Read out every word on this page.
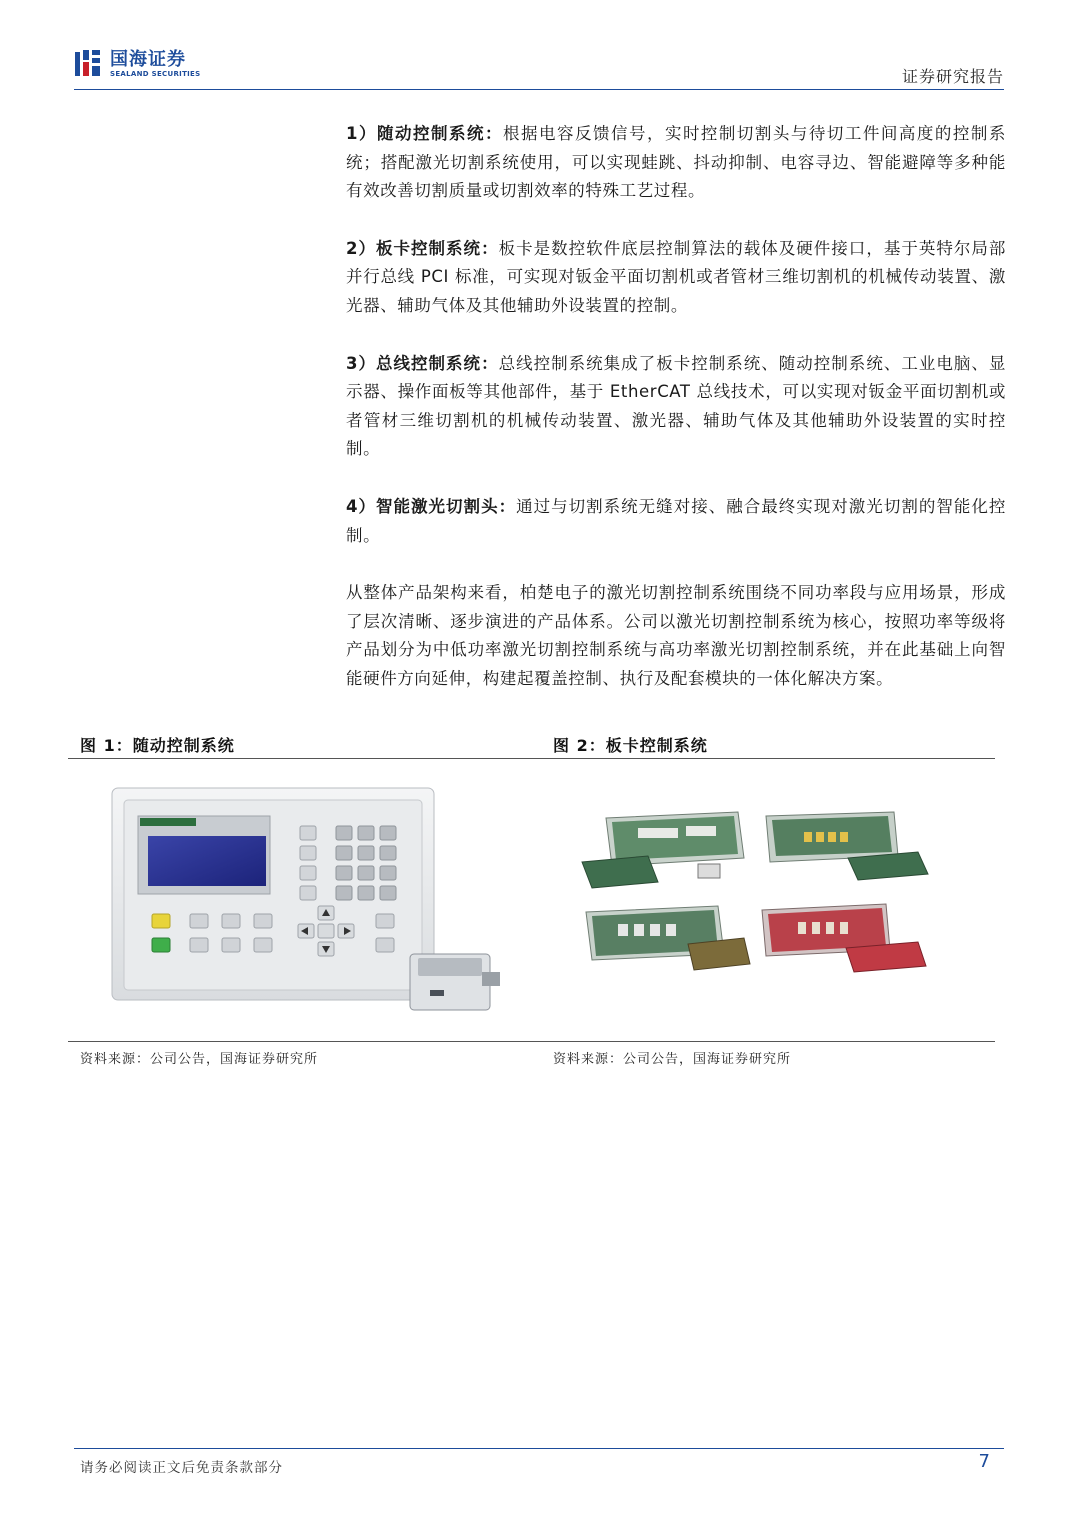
国海证券
SEALAND SECURITIES	证券研究报告

1）随动控制系统：根据电容反馈信号，实时控制切割头与待切工件间高度的控制系统；搭配激光切割系统使用，可以实现蛙跳、抖动抑制、电容寻边、智能避障等多种能有效改善切割质量或切割效率的特殊工艺过程。

2）板卡控制系统：板卡是数控软件底层控制算法的载体及硬件接口，基于英特尔局部并行总线 PCI 标准，可实现对钣金平面切割机或者管材三维切割机的机械传动装置、激光器、辅助气体及其他辅助外设装置的控制。

3）总线控制系统：总线控制系统集成了板卡控制系统、随动控制系统、工业电脑、显示器、操作面板等其他部件，基于 EtherCAT 总线技术，可以实现对钣金平面切割机或者管材三维切割机的机械传动装置、激光器、辅助气体及其他辅助外设装置的实时控制。

4）智能激光切割头：通过与切割系统无缝对接、融合最终实现对激光切割的智能化控制。

从整体产品架构来看，柏楚电子的激光切割控制系统围绕不同功率段与应用场景，形成了层次清晰、逐步演进的产品体系。公司以激光切割控制系统为核心，按照功率等级将产品划分为中低功率激光切割控制系统与高功率激光切割控制系统，并在此基础上向智能硬件方向延伸，构建起覆盖控制、执行及配套模块的一体化解决方案。

图 1：随动控制系统	图 2：板卡控制系统
资料来源：公司公告，国海证券研究所	资料来源：公司公告，国海证券研究所
请务必阅读正文后免责条款部分	7
